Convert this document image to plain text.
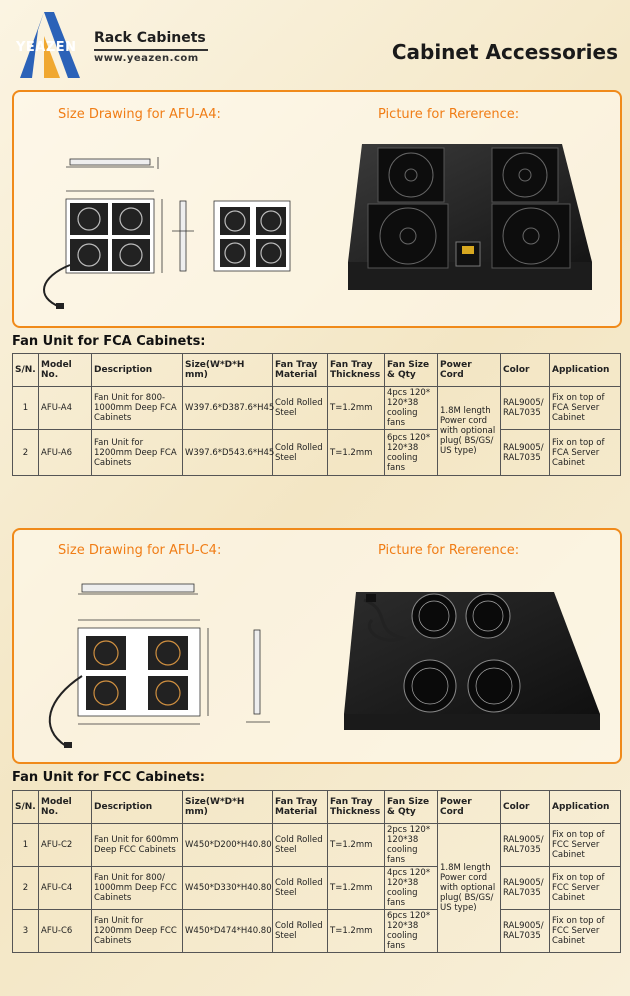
YEAZEN
Rack Cabinets
www.yeazen.com	Cabinet Accessories
Size Drawing for AFU-A4:	Picture for Rererence:
Fan Unit for FCA Cabinets:
S/N.	Model No.	Description	Size(W*D*H mm)	Fan Tray Material	Fan Tray Thickness	Fan Size & Qty	Power Cord	Color	Application
1	AFU-A4	Fan Unit for 800-1000mm Deep FCA Cabinets	W397.6*D387.6*H45	Cold Rolled Steel	T=1.2mm	4pcs 120* 120*38 cooling fans	1.8M length Power cord with optional plug( BS/GS/ US type)	RAL9005/ RAL7035	Fix on top of FCA Server Cabinet
2	AFU-A6	Fan Unit for 1200mm Deep FCA Cabinets	W397.6*D543.6*H45	Cold Rolled Steel	T=1.2mm	6pcs 120* 120*38 cooling fans		RAL9005/ RAL7035	Fix on top of FCA Server Cabinet
Size Drawing for AFU-C4:	Picture for Rererence:
Fan Unit for FCC Cabinets:
S/N.	Model No.	Description	Size(W*D*H mm)	Fan Tray Material	Fan Tray Thickness	Fan Size & Qty	Power Cord	Color	Application
1	AFU-C2	Fan Unit for 600mm Deep FCC Cabinets	W450*D200*H40.80	Cold Rolled Steel	T=1.2mm	2pcs 120* 120*38 cooling fans	1.8M length Power cord with optional plug( BS/GS/ US type)	RAL9005/ RAL7035	Fix on top of FCC Server Cabinet
2	AFU-C4	Fan Unit for 800/ 1000mm Deep FCC Cabinets	W450*D330*H40.80	Cold Rolled Steel	T=1.2mm	4pcs 120* 120*38 cooling fans		RAL9005/ RAL7035	Fix on top of FCC Server Cabinet
3	AFU-C6	Fan Unit for 1200mm Deep FCC Cabinets	W450*D474*H40.80	Cold Rolled Steel	T=1.2mm	6pcs 120* 120*38 cooling fans		RAL9005/ RAL7035	Fix on top of FCC Server Cabinet
